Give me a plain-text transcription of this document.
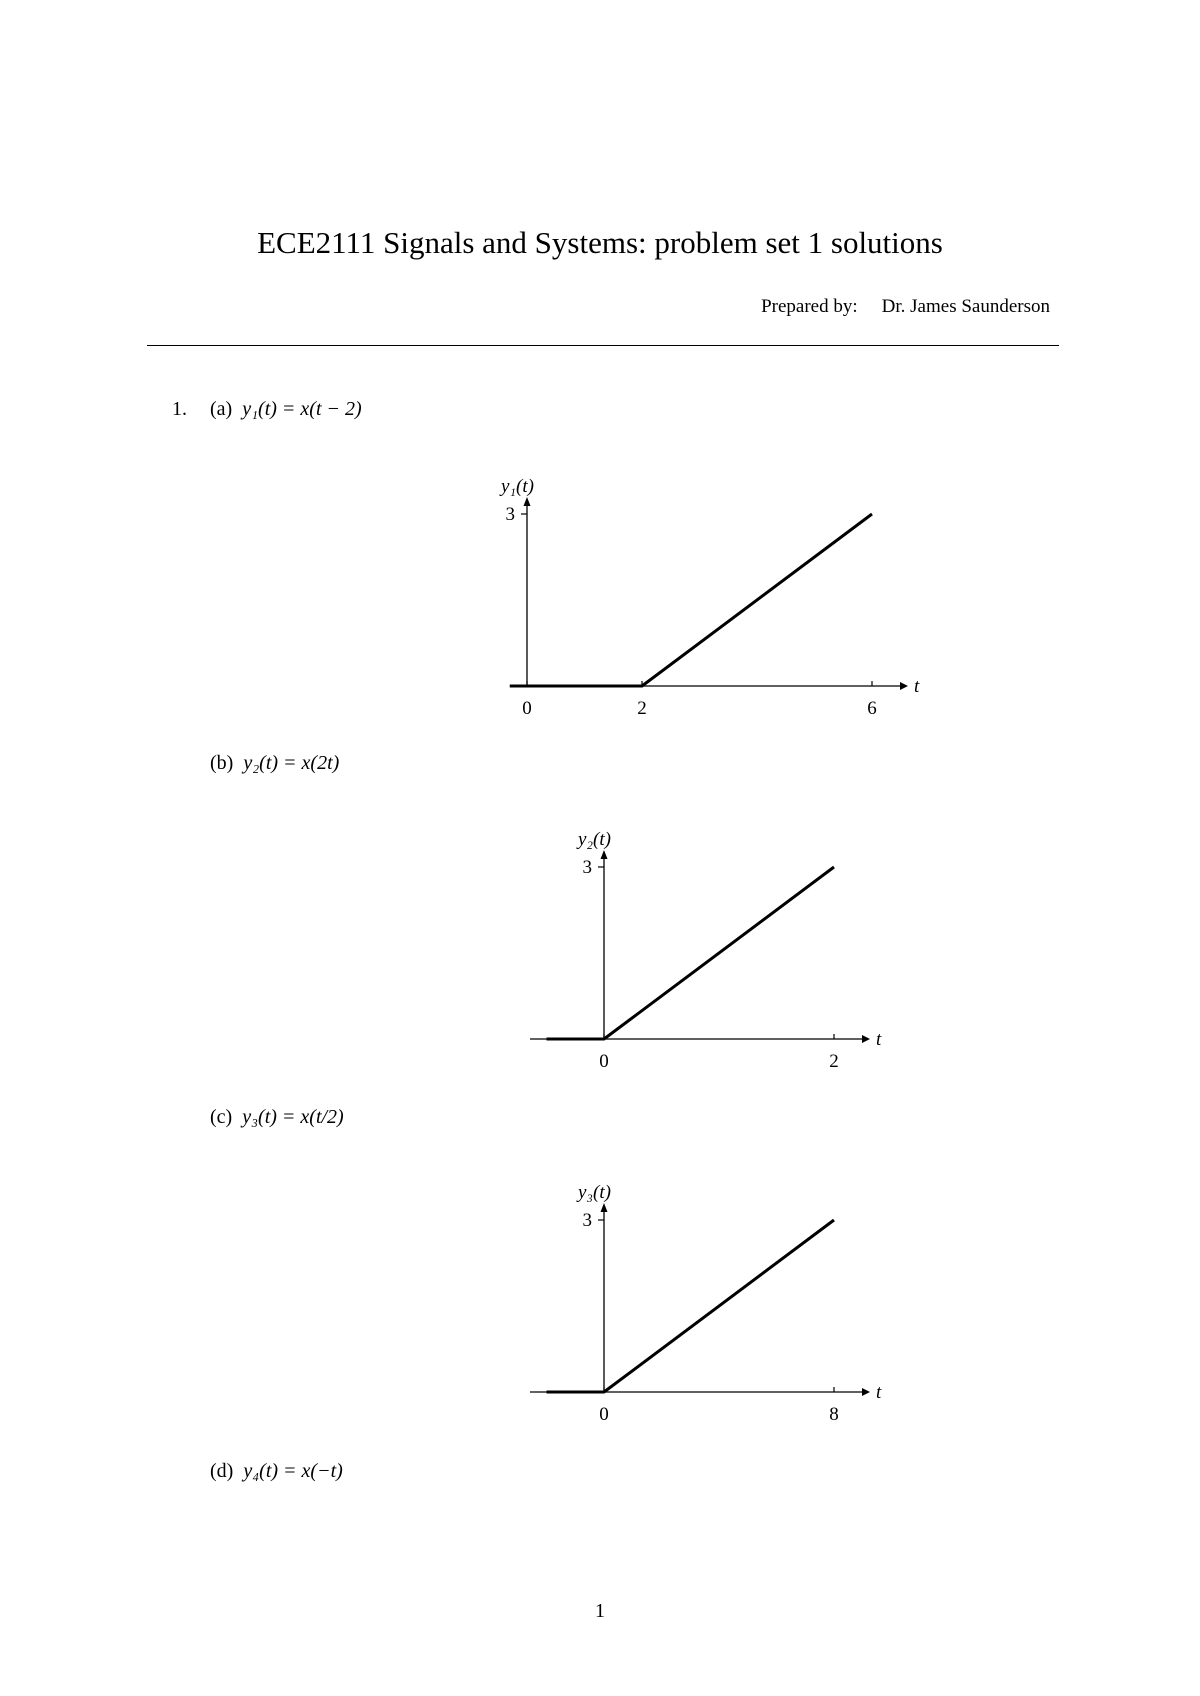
ECE2111 Signals and Systems: problem set 1 solutions
Prepared by: Dr. James Saunderson
1. (a) y₁(t) = x(t − 2)
y₁(t)
3
t
0	2	6
(b) y₂(t) = x(2t)
y₂(t)
3
t
0	2
(c) y₃(t) = x(t/2)
y₃(t)
3
t
0	8
(d) y₄(t) = x(−t)
1
